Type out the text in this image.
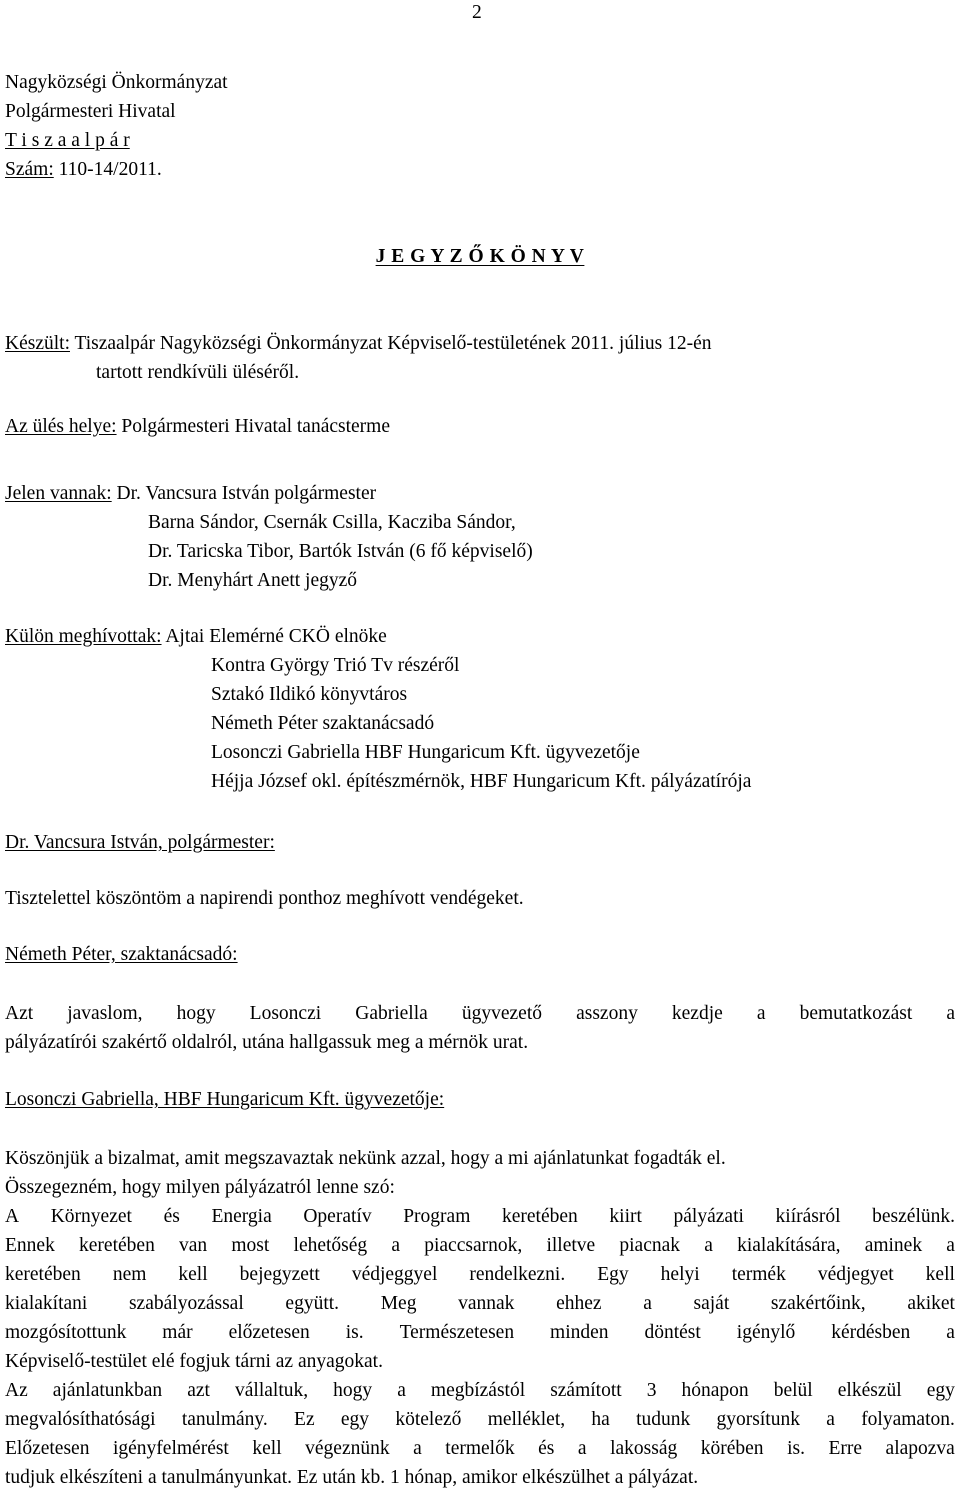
2
Nagyközségi Önkormányzat
Polgármesteri Hivatal
T i s z a a l p á r
Szám: 110-14/2011.
J E G Y Z Ő K Ö N Y V
Készült: Tiszaalpár Nagyközségi Önkormányzat Képviselő-testületének 2011. július 12-én
tartott rendkívüli üléséről.
Az ülés helye: Polgármesteri Hivatal tanácsterme
Jelen vannak: Dr. Vancsura István polgármester
Barna Sándor, Csernák Csilla, Kacziba Sándor,
Dr. Taricska Tibor, Bartók István (6 fő képviselő)
Dr. Menyhárt Anett jegyző
Külön meghívottak: Ajtai Elemérné CKÖ elnöke
Kontra György Trió Tv részéről
Sztakó Ildikó könyvtáros
Németh Péter szaktanácsadó
Losonczi Gabriella HBF Hungaricum Kft. ügyvezetője
Héjja József okl. építészmérnök, HBF Hungaricum Kft. pályázatírója
Dr. Vancsura István, polgármester:
Tisztelettel köszöntöm a napirendi ponthoz meghívott vendégeket.
Németh Péter, szaktanácsadó:
Azt javaslom, hogy Losonczi Gabriella ügyvezető asszony kezdje a bemutatkozást a
pályázatírói szakértő oldalról, utána hallgassuk meg a mérnök urat.
Losonczi Gabriella, HBF Hungaricum Kft. ügyvezetője:
Köszönjük a bizalmat, amit megszavaztak nekünk azzal, hogy a mi ajánlatunkat fogadták el.
Összegezném, hogy milyen pályázatról lenne szó:
A Környezet és Energia Operatív Program keretében kiirt pályázati kiírásról beszélünk.
Ennek keretében van most lehetőség a piaccsarnok, illetve piacnak a kialakítására, aminek a
keretében nem kell bejegyzett védjeggyel rendelkezni. Egy helyi termék védjegyet kell
kialakítani szabályozással együtt. Meg vannak ehhez a saját szakértőink, akiket
mozgósítottunk már előzetesen is. Természetesen minden döntést igénylő kérdésben a
Képviselő-testület elé fogjuk tárni az anyagokat.
Az ajánlatunkban azt vállaltuk, hogy a megbízástól számított 3 hónapon belül elkészül egy
megvalósíthatósági tanulmány. Ez egy kötelező melléklet, ha tudunk gyorsítunk a folyamaton.
Előzetesen igényfelmérést kell végeznünk a termelők és a lakosság körében is. Erre alapozva
tudjuk elkészíteni a tanulmányunkat. Ez után kb. 1 hónap, amikor elkészülhet a pályázat.
